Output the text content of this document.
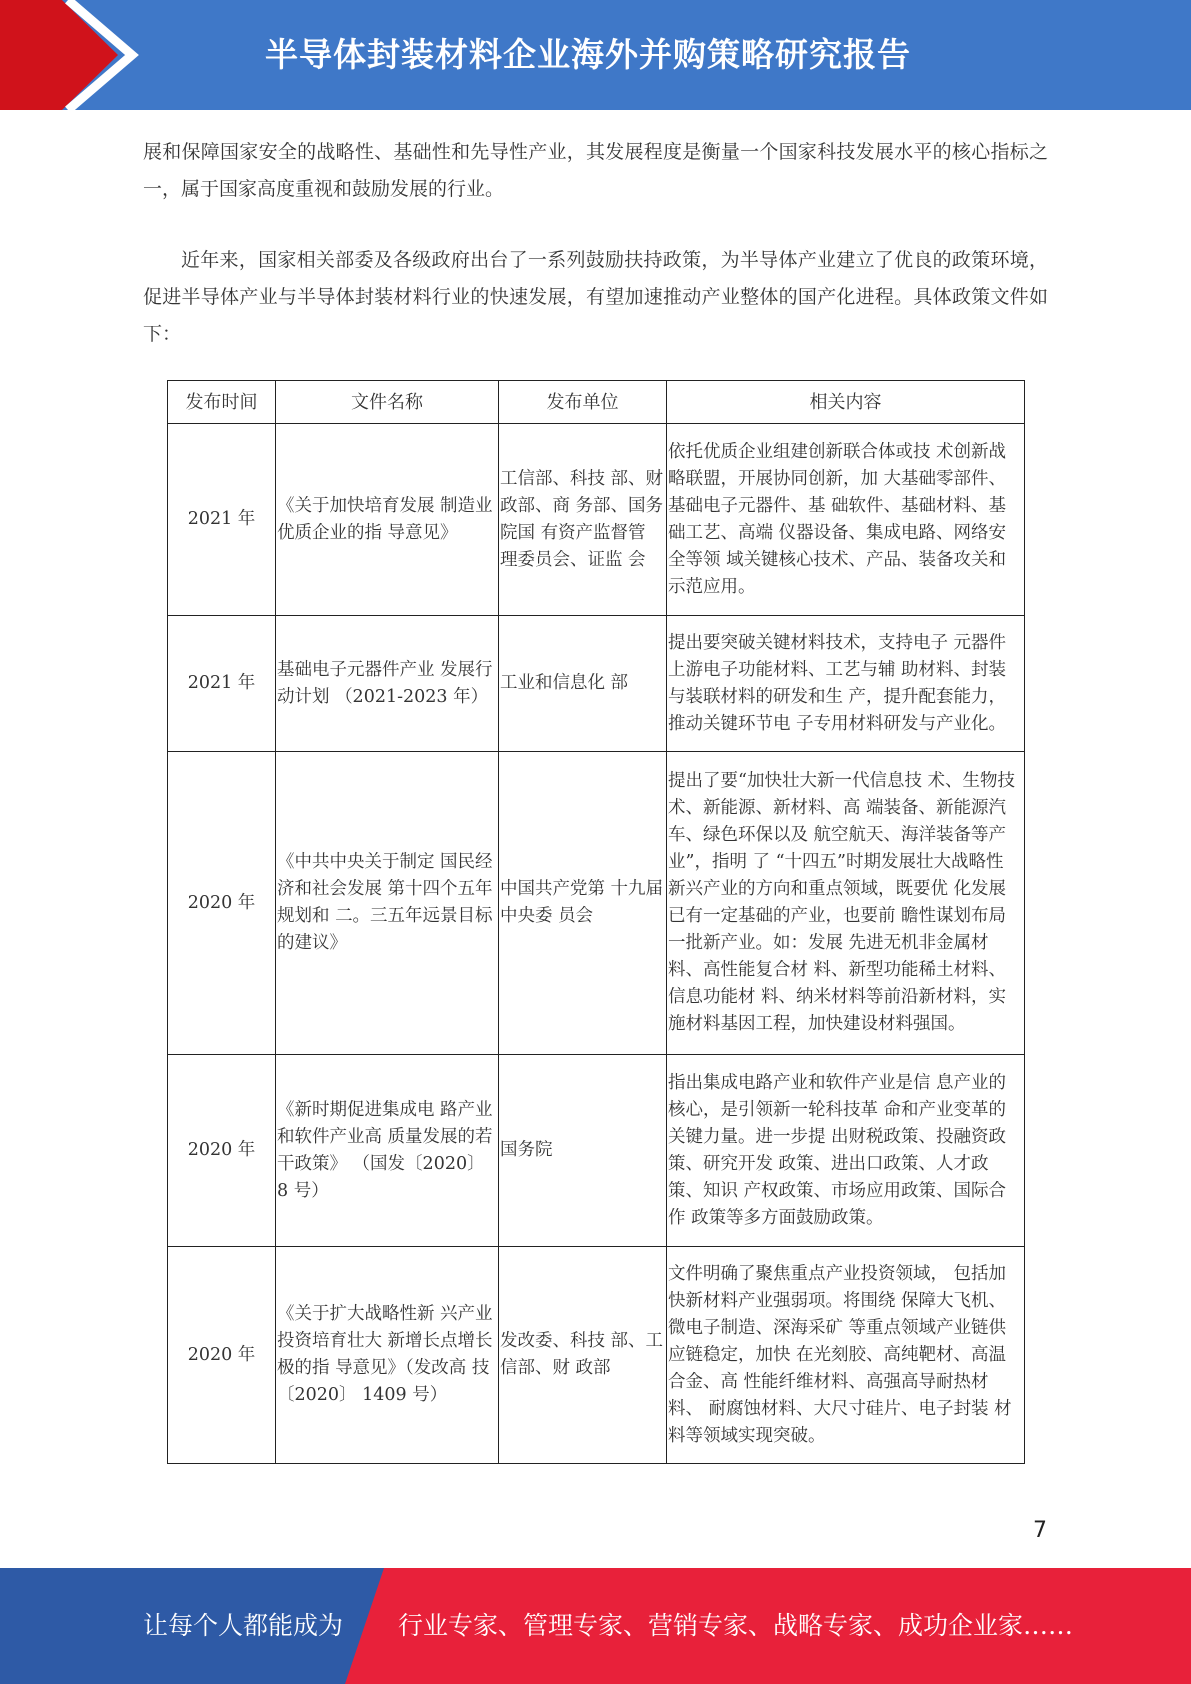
半导体封装材料企业海外并购策略研究报告

展和保障国家安全的战略性、基础性和先导性产业，其发展程度是衡量一个国家科技发展水平的核心指标之一，属于国家高度重视和鼓励发展的行业。

近年来，国家相关部委及各级政府出台了一系列鼓励扶持政策，为半导体产业建立了优良的政策环境，促进半导体产业与半导体封装材料行业的快速发展，有望加速推动产业整体的国产化进程。具体政策文件如下：

发布时间	文件名称	发布单位	相关内容
2021 年	《关于加快培育发展 制造业优质企业的指 导意见》	工信部、科技 部、财政部、商 务部、国务院国 有资产监督管 理委员会、证监 会	依托优质企业组建创新联合体或技 术创新战略联盟，开展协同创新，加 大基础零部件、基础电子元器件、基 础软件、基础材料、基础工艺、高端 仪器设备、集成电路、网络安全等领 域关键核心技术、产品、装备攻关和 示范应用。
2021 年	基础电子元器件产业 发展行动计划 （2021-2023 年）	工业和信息化 部	提出要突破关键材料技术，支持电子 元器件上游电子功能材料、工艺与辅 助材料、封装与装联材料的研发和生 产，提升配套能力，推动关键环节电 子专用材料研发与产业化。
2020 年	《中共中央关于制定 国民经济和社会发展 第十四个五年规划和 二。三五年远景目标 的建议》	中国共产党第 十九届中央委 员会	提出了要“加快壮大新一代信息技 术、生物技术、新能源、新材料、高 端装备、新能源汽车、绿色环保以及 航空航天、海洋装备等产业”，指明 了 “十四五”时期发展壮大战略性 新兴产业的方向和重点领域，既要优 化发展已有一定基础的产业，也要前 瞻性谋划布局一批新产业。如：发展 先进无机非金属材料、高性能复合材 料、新型功能稀土材料、信息功能材 料、纳米材料等前沿新材料，实施材料基因工程，加快建设材料强国。
2020 年	《新时期促进集成电 路产业和软件产业高 质量发展的若干政策》 （国发〔2020〕 8 号）	国务院	指出集成电路产业和软件产业是信 息产业的核心，是引领新一轮科技革 命和产业变革的关键力量。进一步提 出财税政策、投融资政策、研究开发 政策、进出口政策、人才政策、知识 产权政策、市场应用政策、国际合作 政策等多方面鼓励政策。
2020 年	《关于扩大战略性新 兴产业投资培育壮大 新增长点增长极的指 导意见》（发改高 技〔2020〕 1409 号）	发改委、科技 部、工信部、财 政部	文件明确了聚焦重点产业投资领域， 包括加快新材料产业强弱项。将围绕 保障大飞机、微电子制造、深海采矿 等重点领域产业链供应链稳定，加快 在光刻胶、高纯靶材、高温合金、高 性能纤维材料、高强高导耐热材料、 耐腐蚀材料、大尺寸硅片、电子封装 材料等领域实现突破。
7
让每个人都能成为 行业专家、管理专家、营销专家、战略专家、成功企业家……
